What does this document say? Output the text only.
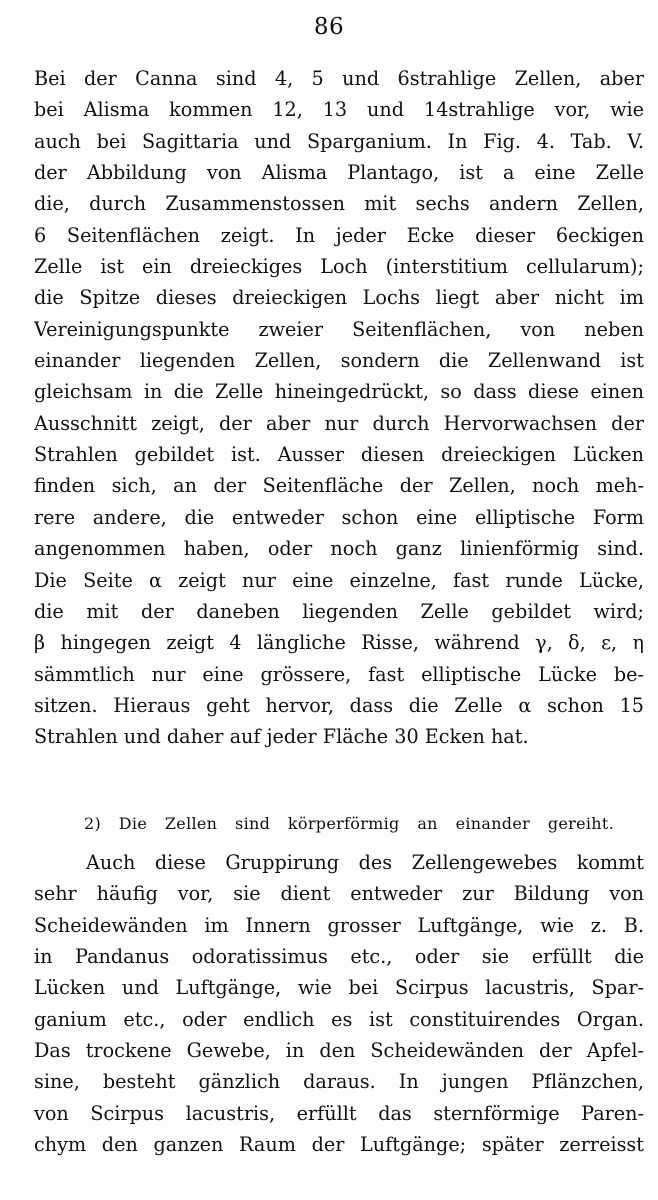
86
Bei der Canna sind 4, 5 und 6strahlige Zellen, aber
bei Alisma kommen 12, 13 und 14strahlige vor, wie
auch bei Sagittaria und Sparganium. In Fig. 4. Tab. V.
der Abbildung von Alisma Plantago, ist a eine Zelle
die, durch Zusammenstossen mit sechs andern Zellen,
6 Seitenflächen zeigt. In jeder Ecke dieser 6eckigen
Zelle ist ein dreieckiges Loch (interstitium cellularum);
die Spitze dieses dreieckigen Lochs liegt aber nicht im
Vereinigungspunkte zweier Seitenflächen, von neben
einander liegenden Zellen, sondern die Zellenwand ist
gleichsam in die Zelle hineingedrückt, so dass diese einen
Ausschnitt zeigt, der aber nur durch Hervorwachsen der
Strahlen gebildet ist. Ausser diesen dreieckigen Lücken
finden sich, an der Seitenfläche der Zellen, noch meh-
rere andere, die entweder schon eine elliptische Form
angenommen haben, oder noch ganz linienförmig sind.
Die Seite α zeigt nur eine einzelne, fast runde Lücke,
die mit der daneben liegenden Zelle gebildet wird;
β hingegen zeigt 4 längliche Risse, während γ, δ, ε, η
sämmtlich nur eine grössere, fast elliptische Lücke be-
sitzen. Hieraus geht hervor, dass die Zelle α schon 15
Strahlen und daher auf jeder Fläche 30 Ecken hat.
2) Die Zellen sind körperförmig an einander gereiht.
Auch diese Gruppirung des Zellengewebes kommt
sehr häufig vor, sie dient entweder zur Bildung von
Scheidewänden im Innern grosser Luftgänge, wie z. B.
in Pandanus odoratissimus etc., oder sie erfüllt die
Lücken und Luftgänge, wie bei Scirpus lacustris, Spar-
ganium etc., oder endlich es ist constituirendes Organ.
Das trockene Gewebe, in den Scheidewänden der Apfel-
sine, besteht gänzlich daraus. In jungen Pflänzchen,
von Scirpus lacustris, erfüllt das sternförmige Paren-
chym den ganzen Raum der Luftgänge; später zerreisst
